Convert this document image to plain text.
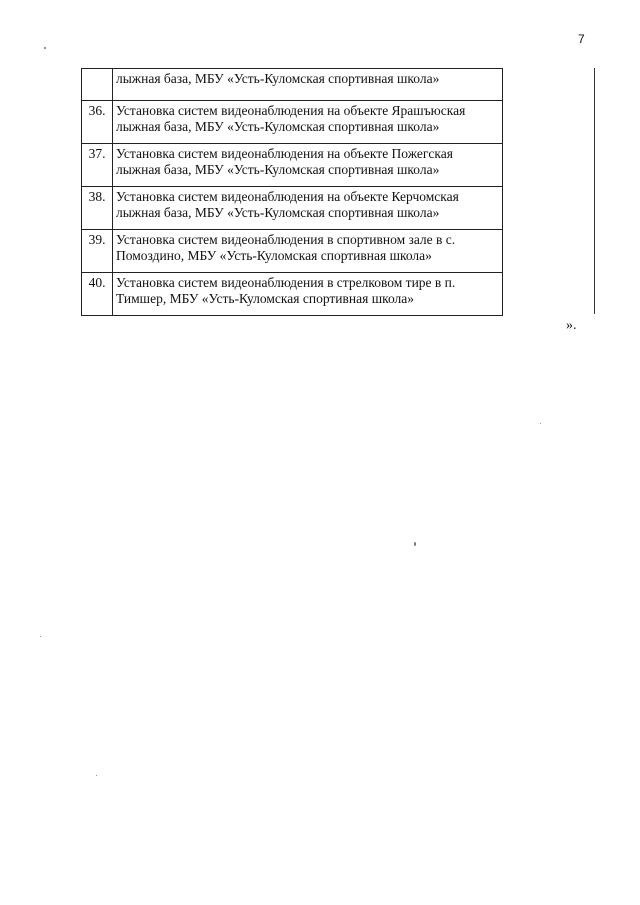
7
	лыжная база, МБУ «Усть-Куломская спортивная школа»
36.	Установка систем видеонаблюдения на объекте Ярашъюская лыжная база, МБУ «Усть-Куломская спортивная школа»
37.	Установка систем видеонаблюдения на объекте Пожегская лыжная база, МБУ «Усть-Куломская спортивная школа»
38.	Установка систем видеонаблюдения на объекте Керчомская лыжная база, МБУ «Усть-Куломская спортивная школа»
39.	Установка систем видеонаблюдения в спортивном зале в с. Помоздино, МБУ «Усть-Куломская спортивная школа»
40.	Установка систем видеонаблюдения в стрелковом тире в п. Тимшер, МБУ «Усть-Куломская спортивная школа»
».
